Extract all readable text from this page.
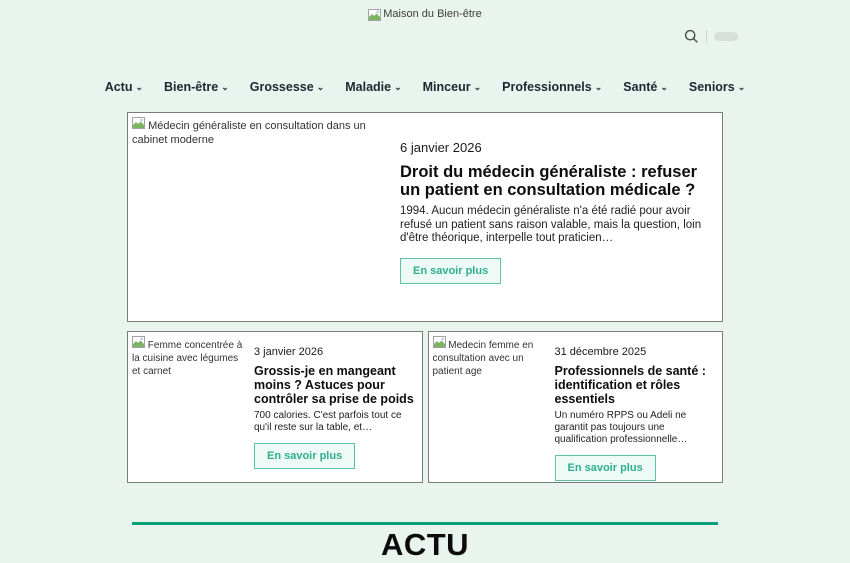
Maison du Bien-être
Actu ⌄ Bien-être ⌄ Grossesse ⌄ Maladie ⌄ Minceur ⌄ Professionnels ⌄ Santé ⌄ Seniors ⌄
Médecin généraliste en consultation dans un cabinet moderne	6 janvier 2026
Droit du médecin généraliste : refuser un patient en consultation médicale ?

1994. Aucun médecin généraliste n'a été radié pour avoir refusé un patient sans raison valable, mais la question, loin d'être théorique, interpelle tout praticien…

En savoir plus
Femme concentrée à la cuisine avec légumes et carnet
3 janvier 2026
Grossis-je en mangeant moins ? Astuces pour contrôler sa prise de poids

700 calories. C'est parfois tout ce qu'il reste sur la table, et…

En savoir plus
Medecin femme en consultation avec un patient age
31 décembre 2025
Professionnels de santé : identification et rôles essentiels

Un numéro RPPS ou Adeli ne garantit pas toujours une qualification professionnelle…

En savoir plus
ACTU
